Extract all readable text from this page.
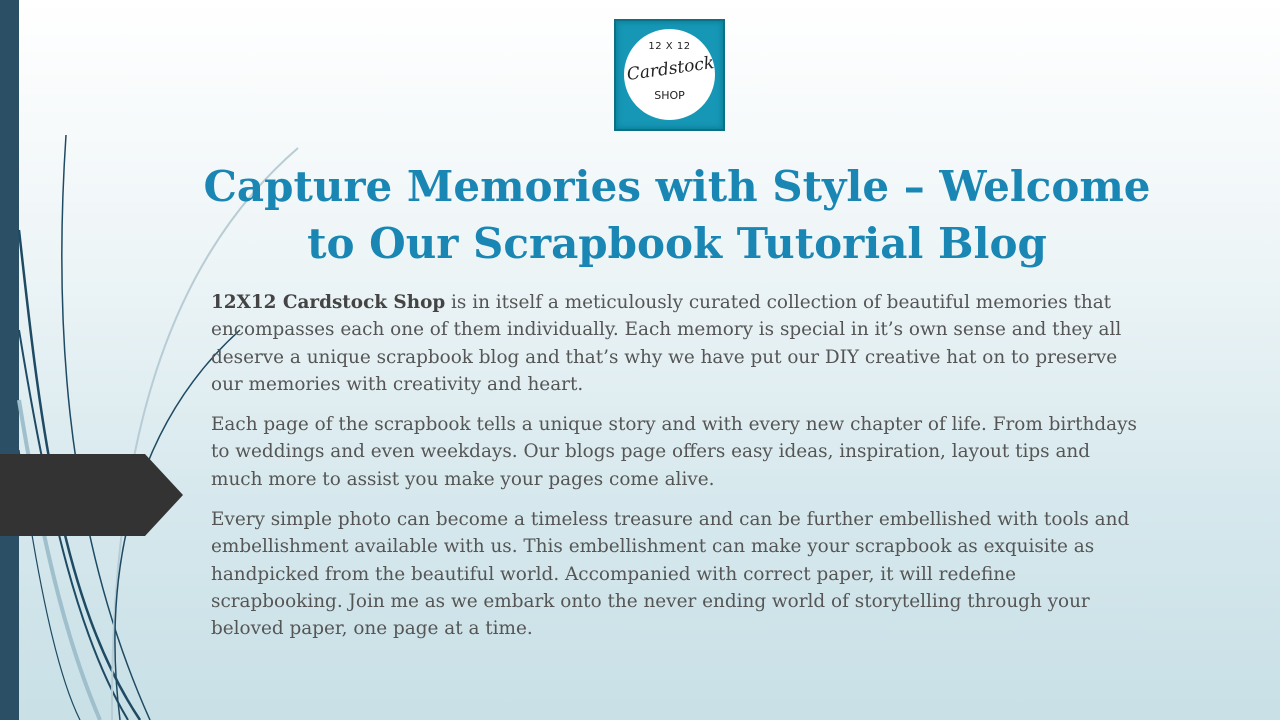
12 X 12
Cardstock
SHOP
Capture Memories with Style – Welcome
to Our Scrapbook Tutorial Blog

12X12 Cardstock Shop is in itself a meticulously curated collection of beautiful memories that encompasses each one of them individually. Each memory is special in it’s own sense and they all deserve a unique scrapbook blog and that’s why we have put our DIY creative hat on to preserve our memories with creativity and heart.

Each page of the scrapbook tells a unique story and with every new chapter of life. From birthdays to weddings and even weekdays. Our blogs page offers easy ideas, inspiration, layout tips and much more to assist you make your pages come alive.

Every simple photo can become a timeless treasure and can be further embellished with tools and embellishment available with us. This embellishment can make your scrapbook as exquisite as handpicked from the beautiful world. Accompanied with correct paper, it will redefine scrapbooking. Join me as we embark onto the never ending world of storytelling through your beloved paper, one page at a time.
